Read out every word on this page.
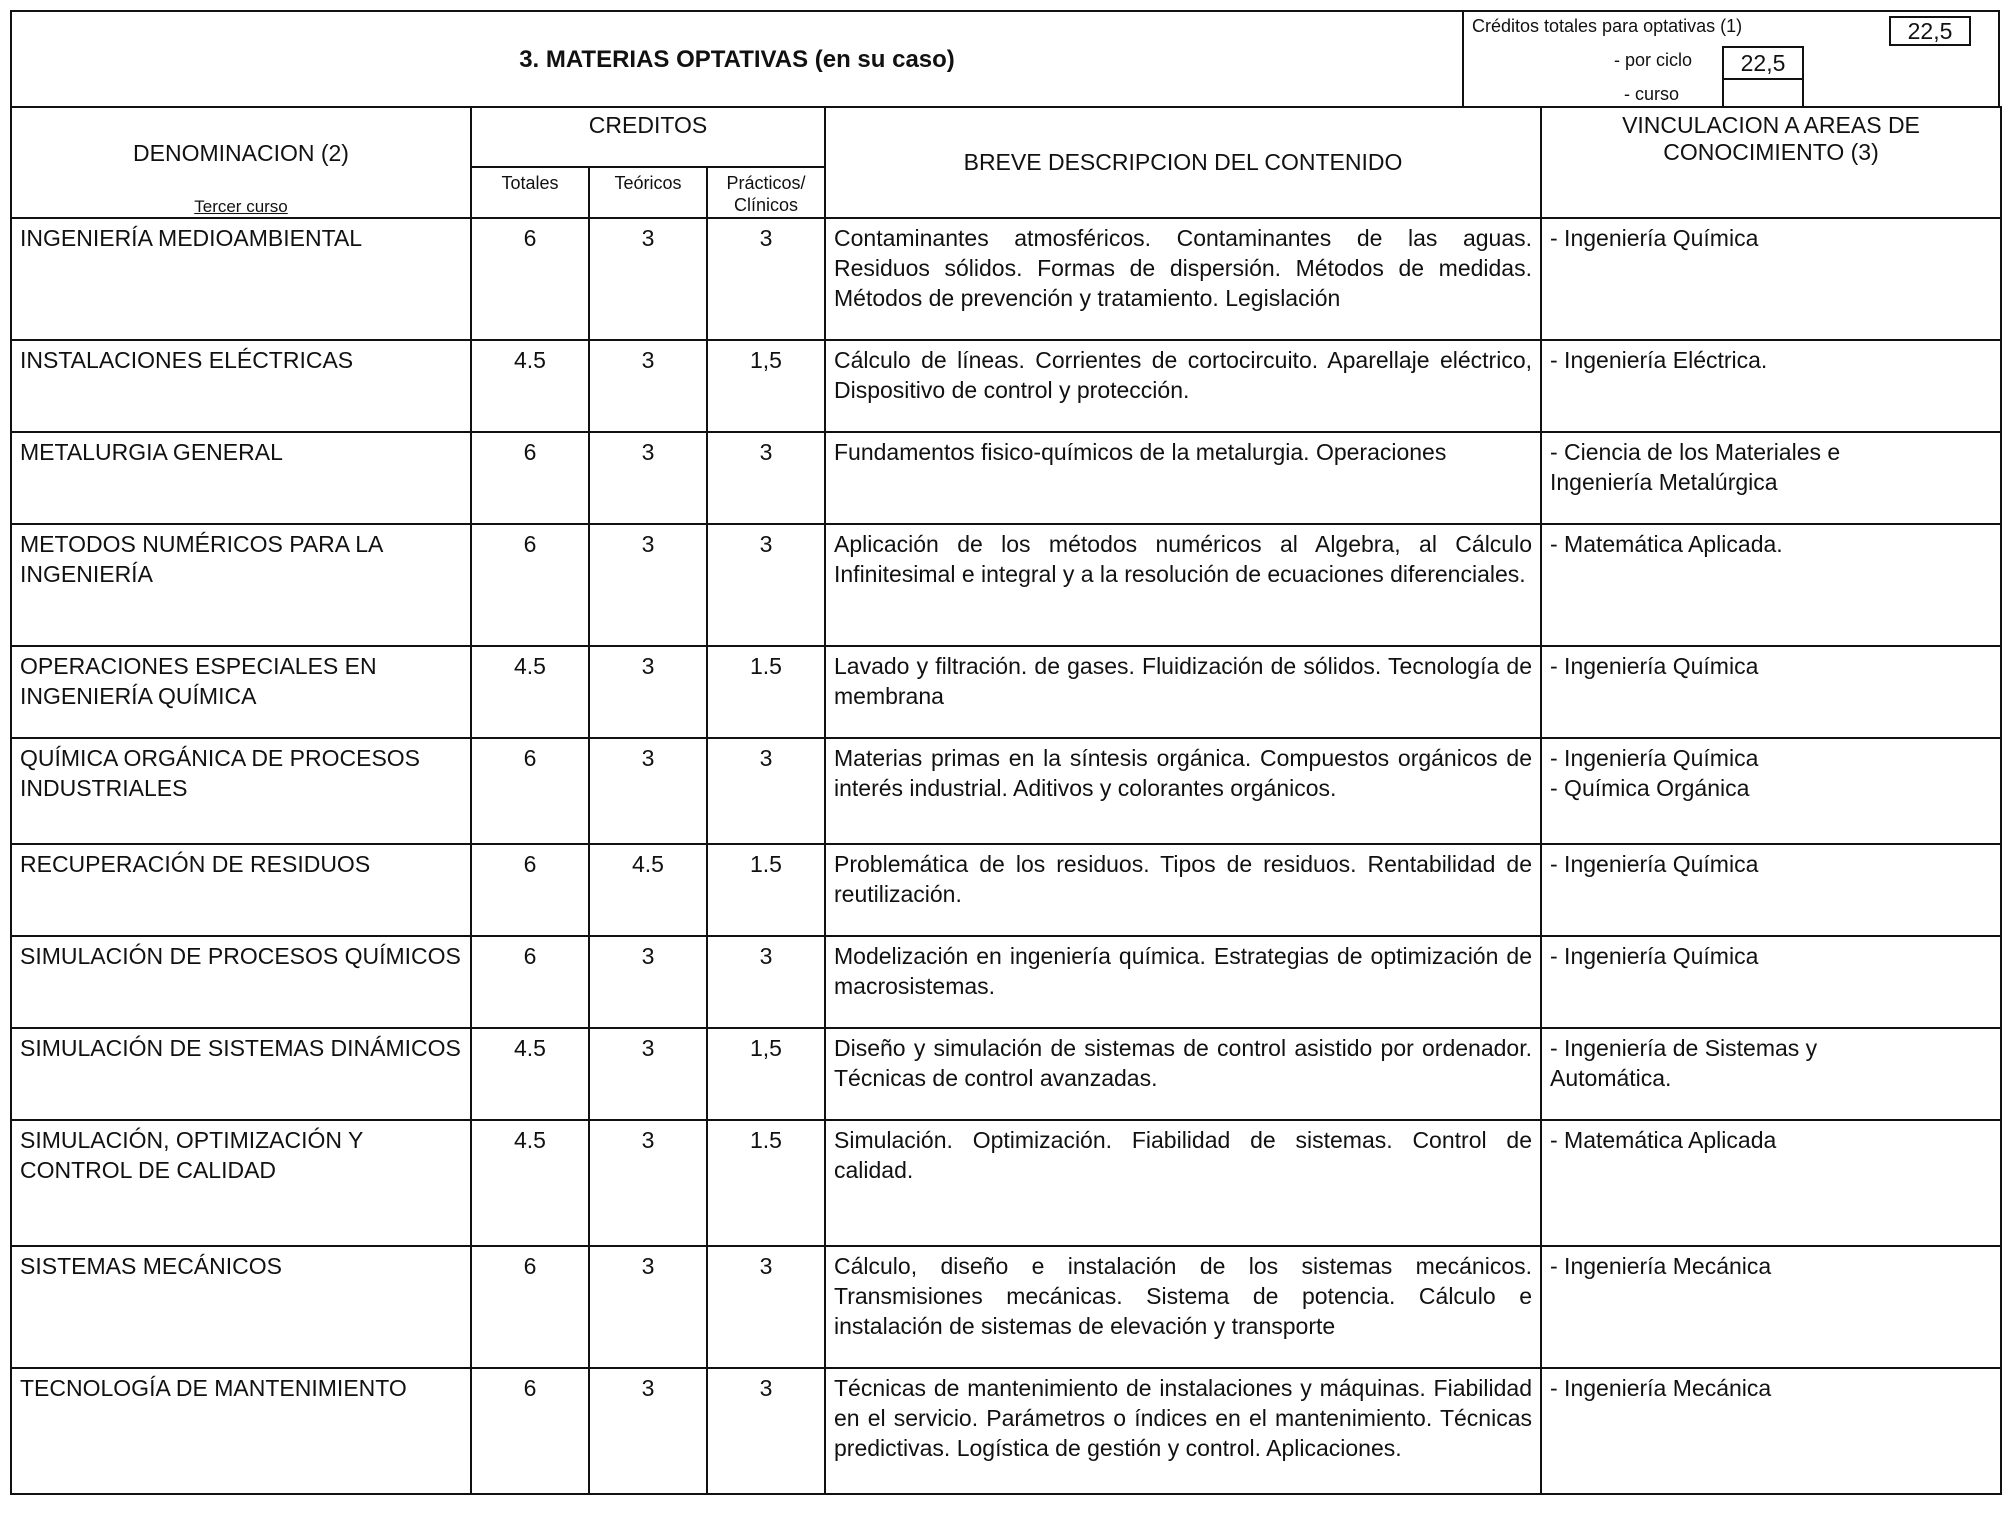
3. MATERIAS OPTATIVAS (en su caso)
Créditos totales para optativas (1)	22,5
- por ciclo	22,5
- curso
DENOMINACION (2)
Tercer curso	CREDITOS			BREVE DESCRIPCION DEL CONTENIDO	VINCULACION A AREAS DE CONOCIMIENTO (3)
	Totales	Teóricos	Prácticos/ Clínicos		
INGENIERÍA MEDIOAMBIENTAL	6	3	3	Contaminantes atmosféricos. Contaminantes de las aguas. Residuos sólidos. Formas de dispersión. Métodos de medidas. Métodos de prevención y tratamiento. Legislación	- Ingeniería Química

INSTALACIONES ELÉCTRICAS	4.5	3	1,5	Cálculo de líneas. Corrientes de cortocircuito. Aparellaje eléctrico, Dispositivo de control y protección.	- Ingeniería Eléctrica.

METALURGIA GENERAL	6	3	3	Fundamentos fisico-químicos de la metalurgia. Operaciones	- Ciencia de los Materiales e
Ingeniería Metalúrgica

METODOS NUMÉRICOS PARA LA INGENIERÍA	6	3	3	Aplicación de los métodos numéricos al Algebra, al Cálculo Infinitesimal e integral y a la resolución de ecuaciones diferenciales.	- Matemática Aplicada.

OPERACIONES ESPECIALES EN INGENIERÍA QUÍMICA	4.5	3	1.5	Lavado y filtración. de gases. Fluidización de sólidos. Tecnología de membrana	- Ingeniería Química

QUÍMICA ORGÁNICA DE PROCESOS INDUSTRIALES	6	3	3	Materias primas en la síntesis orgánica. Compuestos orgánicos de interés industrial. Aditivos y colorantes orgánicos.	- Ingeniería Química
- Química Orgánica

RECUPERACIÓN DE RESIDUOS	6	4.5	1.5	Problemática de los residuos. Tipos de residuos. Rentabilidad de reutilización.	- Ingeniería Química

SIMULACIÓN DE PROCESOS QUÍMICOS	6	3	3	Modelización en ingeniería química. Estrategias de optimización de macrosistemas.	- Ingeniería Química

SIMULACIÓN DE SISTEMAS DINÁMICOS	4.5	3	1,5	Diseño y simulación de sistemas de control asistido por ordenador. Técnicas de control avanzadas.	- Ingeniería de Sistemas y
Automática.

SIMULACIÓN, OPTIMIZACIÓN Y CONTROL DE CALIDAD	4.5	3	1.5	Simulación. Optimización. Fiabilidad de sistemas. Control de calidad.	- Matemática Aplicada

SISTEMAS MECÁNICOS	6	3	3	Cálculo, diseño e instalación de los sistemas mecánicos. Transmisiones mecánicas. Sistema de potencia. Cálculo e instalación de sistemas de elevación y transporte	- Ingeniería Mecánica

TECNOLOGÍA DE MANTENIMIENTO	6	3	3	Técnicas de mantenimiento de instalaciones y máquinas. Fiabilidad en el servicio. Parámetros o índices en el mantenimiento. Técnicas predictivas. Logística de gestión y control. Aplicaciones.	- Ingeniería Mecánica
